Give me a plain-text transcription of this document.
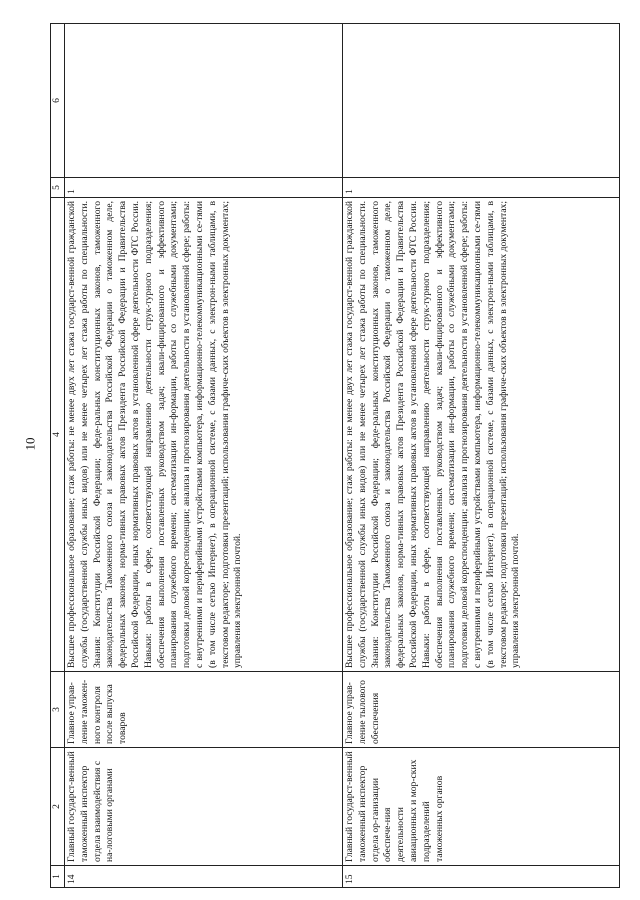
10
1	2	3	4	5	6
14	Главный государст-венный таможенный инспектор отдела взаимодействия с на-логовыми органами	Главное управ-ление таможен-ного контроля после выпуска товаров	Высшее профессиональное образование; стаж работы: не менее двух лет стажа государст-венной гражданской службы (государственной службы иных видов) или не менее четырех лет стажа работы по специальности. Знания: Конституции Российской Федерации; феде-ральных конституционных законов, таможенного законодательства Таможенного союза и законодательства Российской Федерации о таможенном деле, федеральных законов, норма-тивных правовых актов Президента Российской Федерации и Правительства Российской Федерации, иных нормативных правовых актов в установленной сфере деятельности ФТС России. Навыки: работы в сфере, соответствующей направлению деятельности струк-турного подразделения; обеспечения выполнения поставленных руководством задач; квали-фицированного и эффективного планирования служебного времени; систематизации ин-формации, работы со служебными документами; подготовки деловой корреспонденции; анализа и прогнозирования деятельности в установленной сфере; работы: с внутренними и периферийными устройствами компьютера, информационно-телекоммуникационными се-тями (в том числе сетью Интернет), в операционной системе, с базами данных, с электрон-ными таблицами, в текстовом редакторе; подготовки презентаций; использования графиче-ских объектов в электронных документах; управления электронной почтой.	1	
15	Главный государст-венный таможенный инспектор отдела ор-ганизации обеспече-ния деятельности авиационных и мор-ских подразделений таможенных органов	Главное управ-ление тылового обеспечения	Высшее профессиональное образование; стаж работы: не менее двух лет стажа государст-венной гражданской службы (государственной службы иных видов) или не менее четырех лет стажа работы по специальности. Знания: Конституции Российской Федерации; феде-ральных конституционных законов, таможенного законодательства Таможенного союза и законодательства Российской Федерации о таможенном деле, федеральных законов, норма-тивных правовых актов Президента Российской Федерации и Правительства Российской Федерации, иных нормативных правовых актов в установленной сфере деятельности ФТС России. Навыки: работы в сфере, соответствующей направлению деятельности струк-турного подразделения; обеспечения выполнения поставленных руководством задач; квали-фицированного и эффективного планирования служебного времени; систематизации ин-формации, работы со служебными документами; подготовки деловой корреспонденции; анализа и прогнозирования деятельности в установленной сфере; работы: с внутренними и периферийными устройствами компьютера, информационно-телекоммуникационными се-тями (в том числе сетью Интернет), в операционной системе, с базами данных, с электрон-ными таблицами, в текстовом редакторе; подготовки презентаций; использования графиче-ских объектов в электронных документах; управления электронной почтой.	1	
